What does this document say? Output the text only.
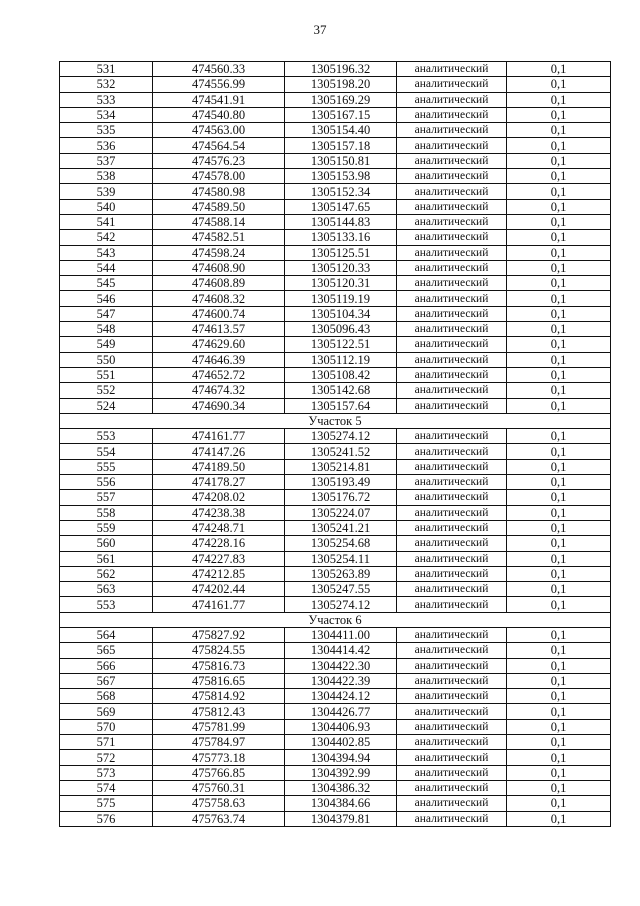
37
531	474560.33	1305196.32	аналитический	0,1
532	474556.99	1305198.20	аналитический	0,1
533	474541.91	1305169.29	аналитический	0,1
534	474540.80	1305167.15	аналитический	0,1
535	474563.00	1305154.40	аналитический	0,1
536	474564.54	1305157.18	аналитический	0,1
537	474576.23	1305150.81	аналитический	0,1
538	474578.00	1305153.98	аналитический	0,1
539	474580.98	1305152.34	аналитический	0,1
540	474589.50	1305147.65	аналитический	0,1
541	474588.14	1305144.83	аналитический	0,1
542	474582.51	1305133.16	аналитический	0,1
543	474598.24	1305125.51	аналитический	0,1
544	474608.90	1305120.33	аналитический	0,1
545	474608.89	1305120.31	аналитический	0,1
546	474608.32	1305119.19	аналитический	0,1
547	474600.74	1305104.34	аналитический	0,1
548	474613.57	1305096.43	аналитический	0,1
549	474629.60	1305122.51	аналитический	0,1
550	474646.39	1305112.19	аналитический	0,1
551	474652.72	1305108.42	аналитический	0,1
552	474674.32	1305142.68	аналитический	0,1
524	474690.34	1305157.64	аналитический	0,1
Участок 5				
553	474161.77	1305274.12	аналитический	0,1
554	474147.26	1305241.52	аналитический	0,1
555	474189.50	1305214.81	аналитический	0,1
556	474178.27	1305193.49	аналитический	0,1
557	474208.02	1305176.72	аналитический	0,1
558	474238.38	1305224.07	аналитический	0,1
559	474248.71	1305241.21	аналитический	0,1
560	474228.16	1305254.68	аналитический	0,1
561	474227.83	1305254.11	аналитический	0,1
562	474212.85	1305263.89	аналитический	0,1
563	474202.44	1305247.55	аналитический	0,1
553	474161.77	1305274.12	аналитический	0,1
Участок 6				
564	475827.92	1304411.00	аналитический	0,1
565	475824.55	1304414.42	аналитический	0,1
566	475816.73	1304422.30	аналитический	0,1
567	475816.65	1304422.39	аналитический	0,1
568	475814.92	1304424.12	аналитический	0,1
569	475812.43	1304426.77	аналитический	0,1
570	475781.99	1304406.93	аналитический	0,1
571	475784.97	1304402.85	аналитический	0,1
572	475773.18	1304394.94	аналитический	0,1
573	475766.85	1304392.99	аналитический	0,1
574	475760.31	1304386.32	аналитический	0,1
575	475758.63	1304384.66	аналитический	0,1
576	475763.74	1304379.81	аналитический	0,1
